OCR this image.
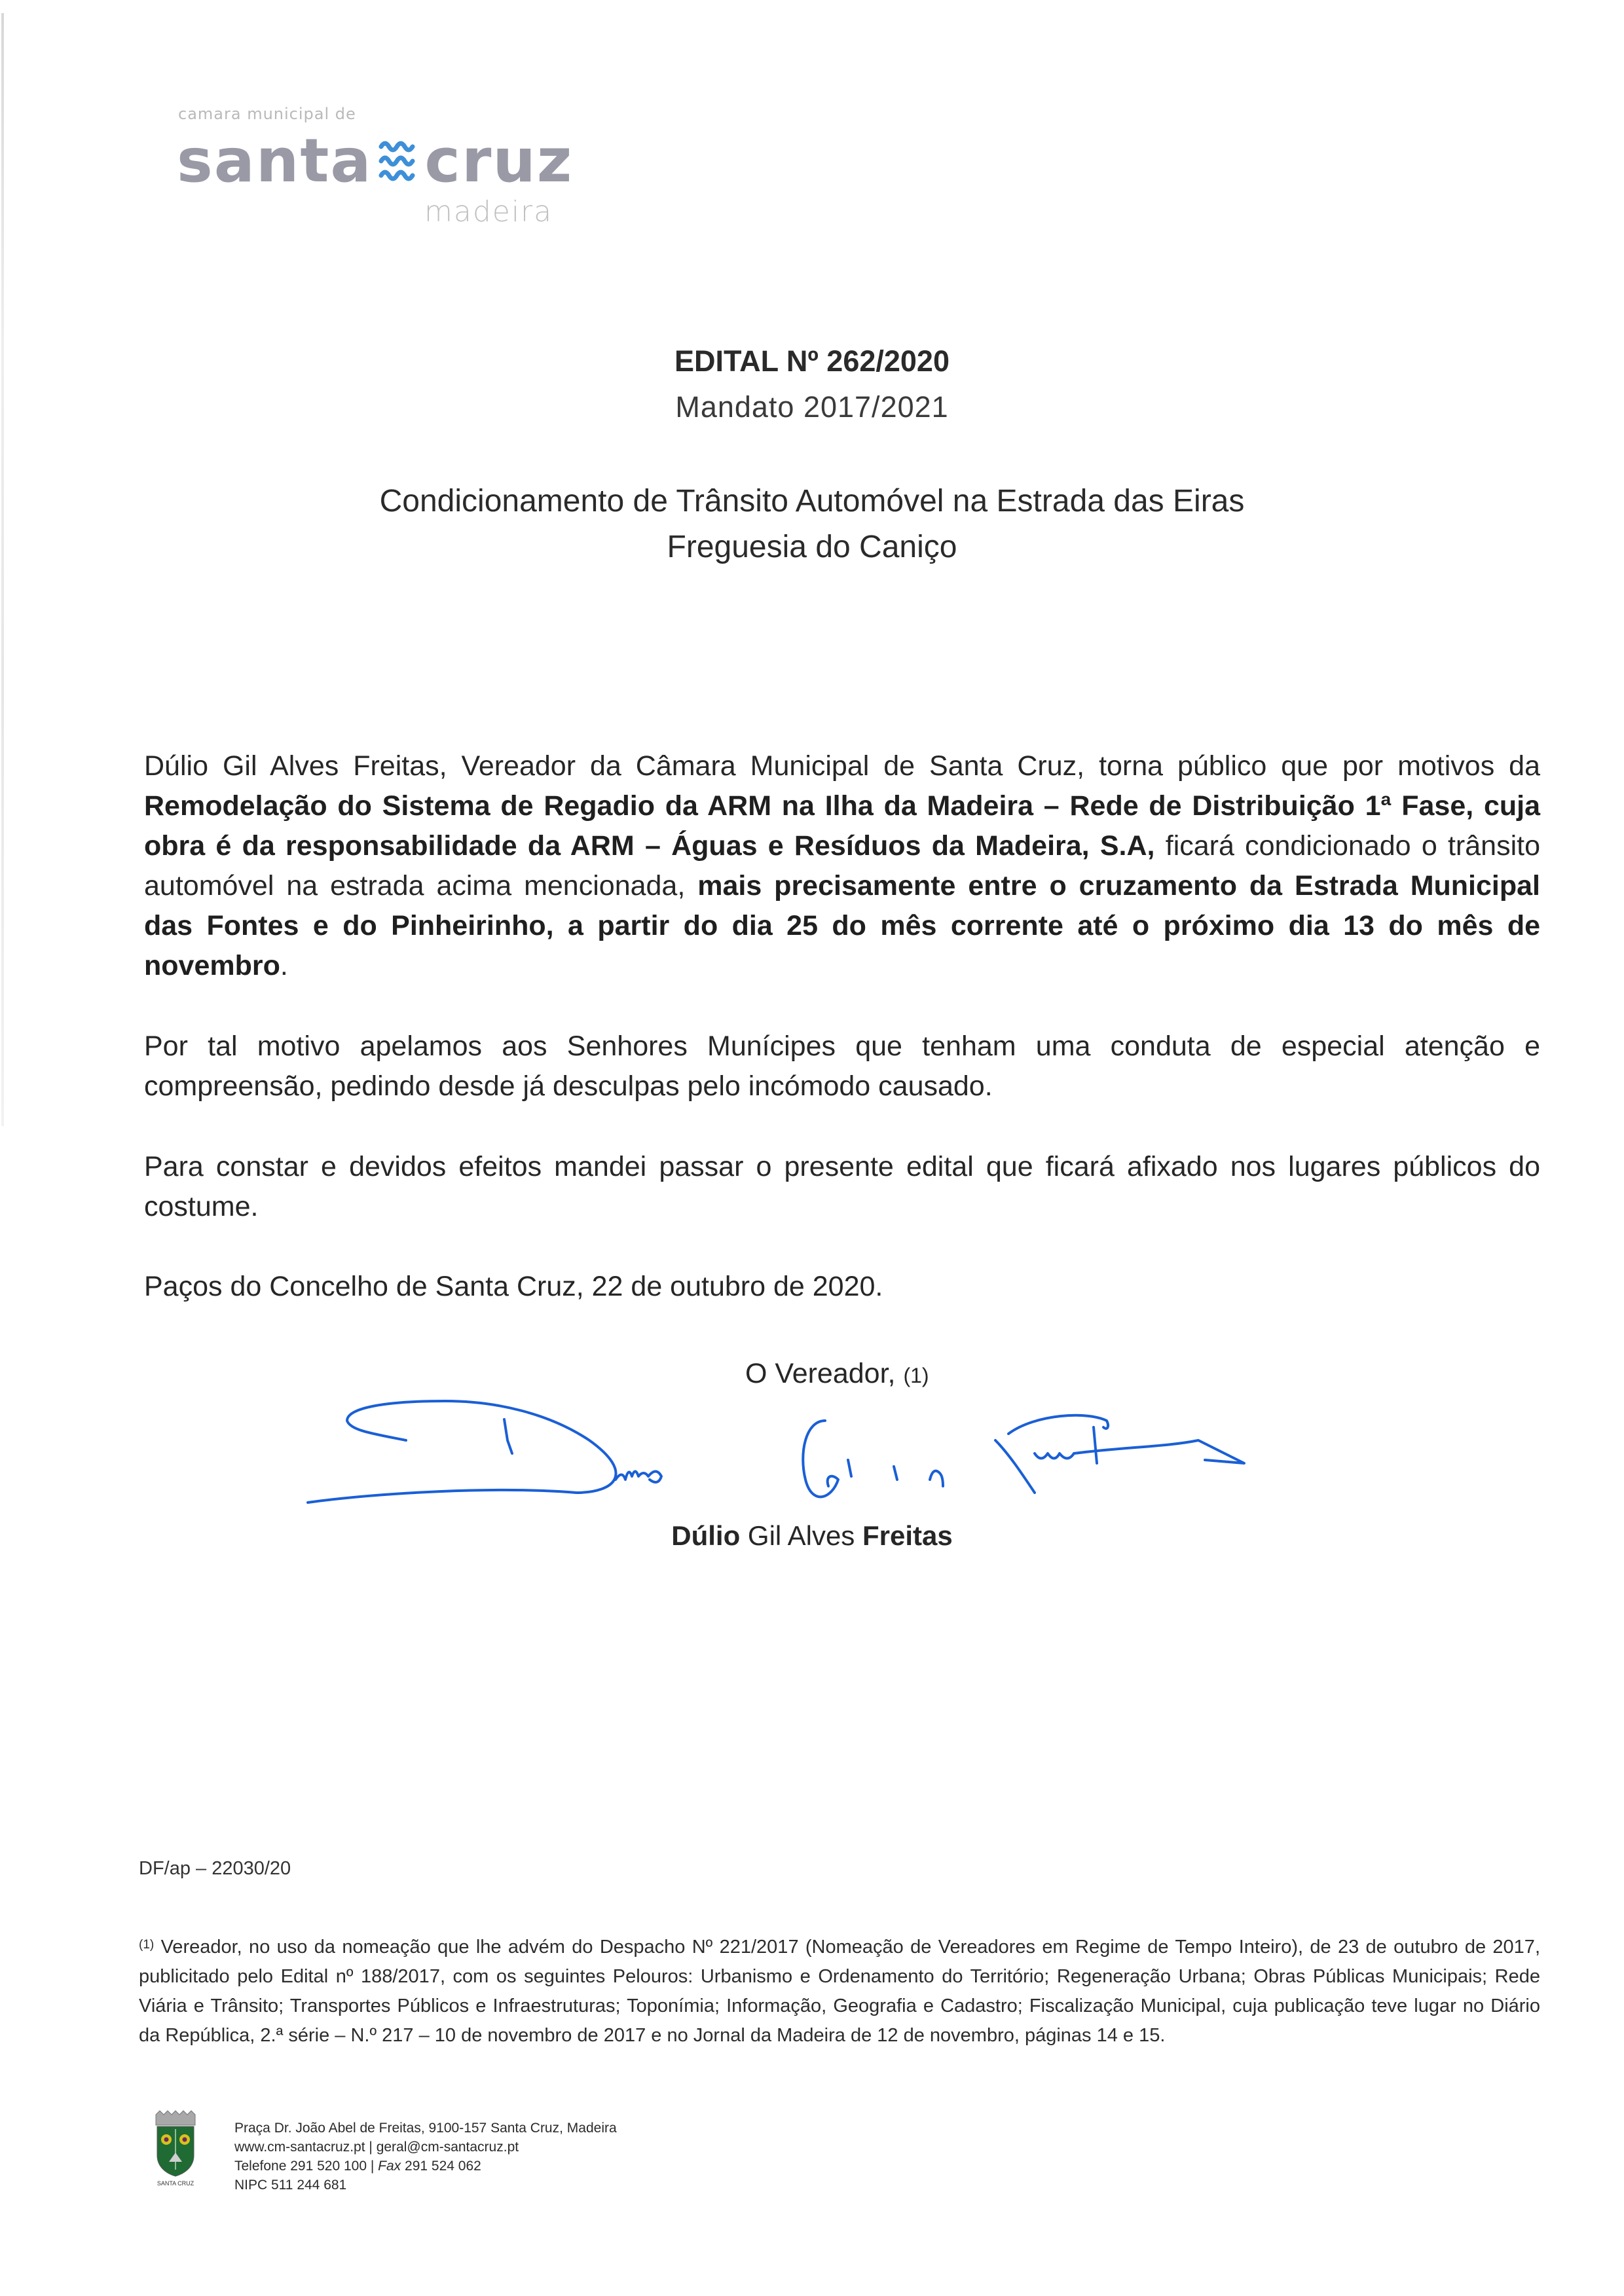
camara municipal de
santa cruz
madeira
EDITAL Nº 262/2020
Mandato 2017/2021
Condicionamento de Trânsito Automóvel na Estrada das Eiras
Freguesia do Caniço
Dúlio Gil Alves Freitas, Vereador da Câmara Municipal de Santa Cruz, torna público que por motivos da Remodelação do Sistema de Regadio da ARM na Ilha da Madeira – Rede de Distribuição 1ª Fase, cuja obra é da responsabilidade da ARM – Águas e Resíduos da Madeira, S.A, ficará condicionado o trânsito automóvel na estrada acima mencionada, mais precisamente entre o cruzamento da Estrada Municipal das Fontes e do Pinheirinho, a partir do dia 25 do mês corrente até o próximo dia 13 do mês de novembro.
Por tal motivo apelamos aos Senhores Munícipes que tenham uma conduta de especial atenção e compreensão, pedindo desde já desculpas pelo incómodo causado.
Para constar e devidos efeitos mandei passar o presente edital que ficará afixado nos lugares públicos do costume.
Paços do Concelho de Santa Cruz, 22 de outubro de 2020.
O Vereador, (1)
Dúlio Gil Alves Freitas
DF/ap – 22030/20
$^{(1)}$ Vereador, no uso da nomeação que lhe advém do Despacho Nº 221/2017 (Nomeação de Vereadores em Regime de Tempo Inteiro), de 23 de outubro de 2017, publicitado pelo Edital nº 188/2017, com os seguintes Pelouros: Urbanismo e Ordenamento do Território; Regeneração Urbana; Obras Públicas Municipais; Rede Viária e Trânsito; Transportes Públicos e Infraestruturas; Toponímia; Informação, Geografia e Cadastro; Fiscalização Municipal, cuja publicação teve lugar no Diário da República, 2.ª série – N.º 217 – 10 de novembro de 2017 e no Jornal da Madeira de 12 de novembro, páginas 14 e 15.
SANTA CRUZ
Praça Dr. João Abel de Freitas, 9100-157 Santa Cruz, Madeira
www.cm-santacruz.pt | geral@cm-santacruz.pt
Telefone 291 520 100 | Fax 291 524 062
NIPC 511 244 681
